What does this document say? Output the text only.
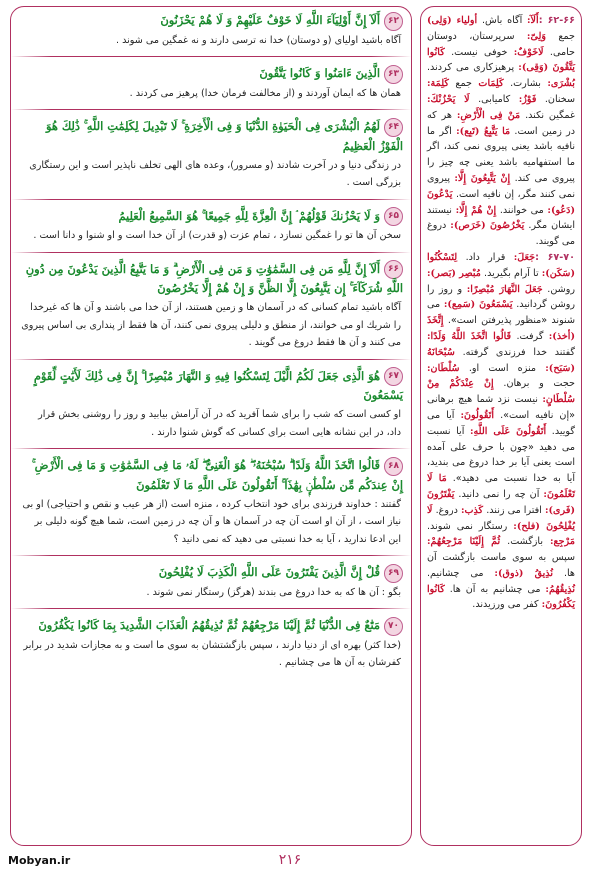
۶۲أَلَآ إِنَّ أَوْلِيَآءَ اللَّهِ لَا خَوْفٌ عَلَيْهِمْ وَ لَا هُمْ يَحْزَنُونَ
آگاه باشيد اولياى (و دوستان) خدا نه ترسى دارند و نه غمگين مى شوند .
۶۳الَّذِينَ ءَامَنُوا وَ كَانُوا يَتَّقُونَ
همان ها كه ايمان آوردند و (از مخالفت فرمان خدا) پرهيز مى كردند .
۶۴لَهُمُ الْبُشْرَى فِى الْحَيَوٰةِ الدُّنْيَا وَ فِى الْأَخِرَةِ ۚ لَا تَبْدِيلَ لِكَلِمَٰتِ اللَّهِ ۚ ذَٰلِكَ هُوَ الْفَوْزُ الْعَظِيمُ
در زندگى دنيا و در آخرت شادند (و مسرور)، وعده هاى الهى تخلف ناپذير است و اين رستگارى بزرگى است .
۶۵وَ لَا يَحْزُنكَ قَوْلُهُمْ ۘ إِنَّ الْعِزَّةَ لِلَّهِ جَمِيعًا ۚ هُوَ السَّمِيعُ الْعَلِيمُ
سخن آن ها تو را غمگين نسازد ، تمام عزت (و قدرت) از آن خدا است و او شنوا و دانا است .
۶۶أَلَآ إِنَّ لِلَّهِ مَن فِى السَّمَٰوَٰتِ وَ مَن فِى الْأَرْضِ ۗ وَ مَا يَتَّبِعُ الَّذِينَ يَدْعُونَ مِن دُونِ اللَّهِ شُرَكَآءَ ۚ إِن يَتَّبِعُونَ إِلَّا الظَّنَّ وَ إِنْ هُمْ إِلَّا يَخْرُصُونَ
آگاه باشيد تمام كسانى كه در آسمان ها و زمين هستند، از آن خدا مى باشند و آن ها كه غيرخدا را شريك او مى خوانند، از منطق و دليلى پيروى نمى كنند، آن ها فقط از پندارى بى اساس پيروى مى كنند و آن ها فقط دروغ مى گويند .
۶۷هُوَ الَّذِى جَعَلَ لَكُمُ الَّيْلَ لِتَسْكُنُوا فِيهِ وَ النَّهَارَ مُبْصِرًا ۚ إِنَّ فِى ذَٰلِكَ لَأَيَٰتٍ لِّقَوْمٍ يَسْمَعُونَ
او كسى است كه شب را براى شما آفريد كه در آن آرامش بيابيد و روز را روشنى بخش قرار داد، در اين نشانه هايى است براى كسانى كه گوش شنوا دارند .
۶۸قَالُوا اتَّخَذَ اللَّهُ وَلَدًا ۗ سُبْحَٰنَهُۥ ۖ هُوَ الْغَنِىُّ ۖ لَهُۥ مَا فِى السَّمَٰوَٰتِ وَ مَا فِى الْأَرْضِ ۚ إِنْ عِندَكُم مِّن سُلْطَٰنٍۭ بِهَٰذَآ ۚ أَتَقُولُونَ عَلَى اللَّهِ مَا لَا تَعْلَمُونَ
گفتند : خداوند فرزندى براى خود انتخاب كرده ، منزه است (از هر عيب و نقص و احتياجى) او بى نياز است ، از آن او است آن چه در آسمان ها و آن چه در زمين است، شما هيچ گونه دليلى بر اين ادعا نداريد ، آيا به خدا نسبتى مى دهيد كه نمى دانيد ؟
۶۹قُلْ إِنَّ الَّذِينَ يَفْتَرُونَ عَلَى اللَّهِ الْكَذِبَ لَا يُفْلِحُونَ
بگو : آن ها كه به خدا دروغ مى بندند (هرگز) رستگار نمى شوند .
۷۰مَتَٰعٌ فِى الدُّنْيَا ثُمَّ إِلَيْنَا مَرْجِعُهُمْ ثُمَّ نُذِيقُهُمُ الْعَذَابَ الشَّدِيدَ بِمَا كَانُوا يَكْفُرُونَ
(خدا كثر) بهره اى از دنيا دارند ، سپس بازگشتشان به سوى ما است و به مجازات شديد در برابر كفرشان به آن ها مى چشانيم .
۶۲-۶۶ :أَلَآ: آگاه باش. أولياء (وَلِى) جمع وَلِىّ: سرپرستان، دوستان حامى. لَاخَوْفٌ: خوفى نيست. كَانُوا يَتَّقُونَ (وَقِى): پرهيزكارى مى كردند. بُشْرَى: بشارت. كَلِمَات جمع كَلِمَة: سخنان. فَوْزُ: كاميابى. لَا يَحْزُنْكَ: غمگين نكند. مَنْ فِى الْأَرْضِ: هر كه در زمين است. مَا يَتَّبِعُ (تَبِع): اگر ما نافيه باشد يعنى پيروى نمى كند، اگر ما استفهاميه باشد يعنى چه چيز را پيروى مى كند. إِنْ يَتَّبِعُونَ إِلَّا: پيروى نمى كنند مگر، إن نافيه است. يَدْعُونَ (دَعُو): مى خوانند. إِنْ هُمْ إِلَّا: نيستند ايشان مگر. يَخْرُصُونَ (خَرَص): دروغ مى گويند.
۶۷-۷۰ :جَعَلَ: قرار داد. لِتَسْكُنُوا (سَكَن): تا آرام بگيريد. مُبْصِر (بَصر): روشن. جَعَلَ النَّهَارَ مُبْصِرًا: و روز را روشن گردانيد. يَسْمَعُونَ (سَمِع): مى شنوند «منظور پذيرفتن است». إِتَّخَذَ (أخذ): گرفت. قَالُوا اتَّخَذَ اللَّهُ وَلَدًا: گفتند خدا فرزندى گرفته. سُبْحَانَهُ (سَبَح): منزه است او. سُلْطَان: حجت و برهان. إِنْ عِنْدَكُمْ مِنْ سُلْطَانٍ: نيست نزد شما هيچ برهانى «إن نافيه است». أَتَقُولُونَ: آيا مى گوييد. أَتَقُولُونَ عَلَى اللَّهِ: آيا نسبت مى دهيد «چون با حرف على آمده است يعنى آيا بر خدا دروغ مى بنديد، آيا به خدا نسبت مى دهيد». مَا لَا تَعْلَمُونَ: آن چه را نمى دانيد. يَفْتَرُونَ (فَرى): افترا مى زنند. كَذِب: دروغ. لَا يُفْلِحُونَ (فلح): رستگار نمى شوند. مَرْجِع: بازگشت. ثُمَّ إِلَيْنَا مَرْجِعُهُمْ: سپس به سوى ماست بازگشت آن ها. نُذِيقُ (ذوق): مى چشانيم. نُذِيقُهُمُ: مى چشانيم به آن ها. كَانُوا يَكْفُرُونَ: كفر مى ورزيدند.
Mobyan.ir	۲۱۶
